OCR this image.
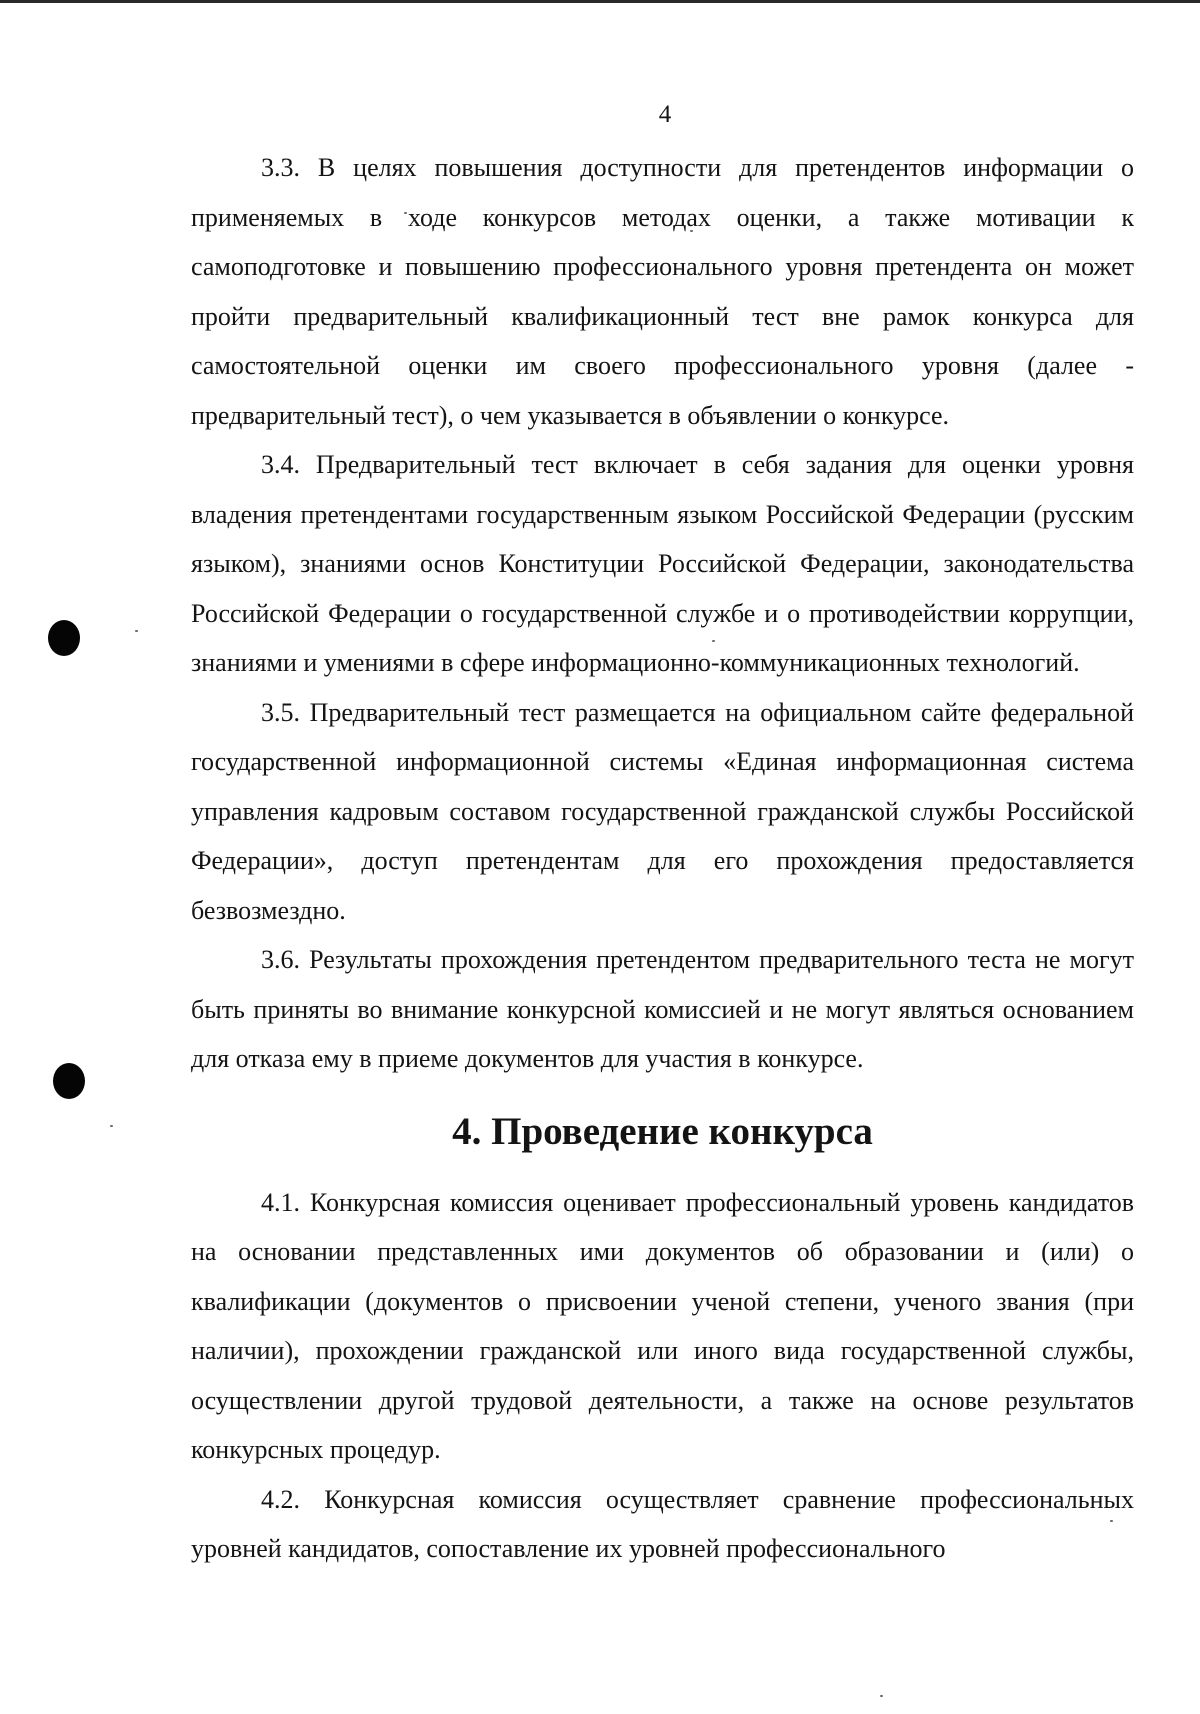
4

3.3. В целях повышения доступности для претендентов информации о применяемых в ходе конкурсов методах оценки, а также мотивации к самоподготовке и повышению профессионального уровня претендента он может пройти предварительный квалификационный тест вне рамок конкурса для самостоятельной оценки им своего профессионального уровня (далее - предварительный тест), о чем указывается в объявлении о конкурсе.

3.4. Предварительный тест включает в себя задания для оценки уровня владения претендентами государственным языком Российской Федерации (русским языком), знаниями основ Конституции Российской Федерации, законодательства Российской Федерации о государственной службе и о противодействии коррупции, знаниями и умениями в сфере информационно-коммуникационных технологий.

3.5. Предварительный тест размещается на официальном сайте федеральной государственной информационной системы «Единая информационная система управления кадровым составом государственной гражданской службы Российской Федерации», доступ претендентам для его прохождения предоставляется безвозмездно.

3.6. Результаты прохождения претендентом предварительного теста не могут быть приняты во внимание конкурсной комиссией и не могут являться основанием для отказа ему в приеме документов для участия в конкурсе.

4. Проведение конкурса

4.1. Конкурсная комиссия оценивает профессиональный уровень кандидатов на основании представленных ими документов об образовании и (или) о квалификации (документов о присвоении ученой степени, ученого звания (при наличии), прохождении гражданской или иного вида государственной службы, осуществлении другой трудовой деятельности, а также на основе результатов конкурсных процедур.

4.2. Конкурсная комиссия осуществляет сравнение профессиональных уровней кандидатов, сопоставление их уровней профессионального
